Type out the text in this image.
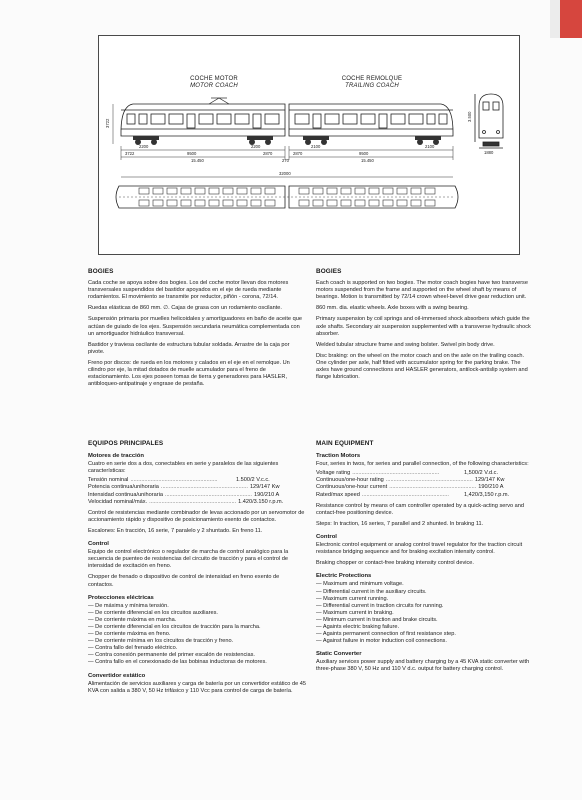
COCHE MOTOR
MOTOR COACH
COCHE REMOLQUE
TRAILING COACH
3722
2200
3722	9500
2200
2870	2870
2100
9500
2100
15.450	270	15.450
32000
3.500
1880
BOGIES

Cada coche se apoya sobre dos bogies. Los del coche motor llevan dos motores transversales suspendidos del bastidor apoyados en el eje de rueda mediante rodamientos. El movimiento se transmite por reductor, piñón - corona, 72/14.

Ruedas elásticas de 860 mm. ∅. Cajas de grasa con un rodamiento oscilante.

Suspensión primaria por muelles helicoidales y amortiguadores en baño de aceite que actúan de guiado de los ejes. Suspensión secundaria neumática complementada con un amortiguador hidráulico transversal.

Bastidor y traviesa oscilante de estructura tubular soldada. Arrastre de la caja por pivote.

Freno por discos: de rueda en los motores y calados en el eje en el remolque. Un cilindro por eje, la mitad dotados de muelle acumulador para el freno de estacionamiento. Los ejes poseen tomas de tierra y generadores para HASLER, antibloqueo-antipatinaje y engrase de pestaña.

EQUIPOS PRINCIPALES
Motores de tracción

Cuatro en serie dos a dos, conectables en serie y paralelos de las siguientes características:

Tensión nominal ........................................................	1.500/2 V.c.c.
Potencia continua/unihoraria ........................................................ 129/147 Kw
Intensidad continua/unihoraria ........................................................ 190/210 A
Velocidad nominal/máx. ........................................................ 1.420/3.150 r.p.m.

Control de resistencias mediante combinador de levas accionado por un servomotor de accionamiento rápido y dispositivo de posicionamiento exento de contactos.

Escalones: En tracción, 16 serie, 7 paralelo y 2 shuntado. En freno 11.

Control

Equipo de control electrónico o regulador de marcha de control analógico para la secuencia de puenteo de resistencias del circuito de tracción y para el control de intensidad de excitación en freno.

Chopper de frenado o dispositivo de control de intensidad en freno exento de contactos.

Protecciones eléctricas
— De máxima y mínima tensión.
— De corriente diferencial en los circuitos auxiliares.
— De corriente máxima en marcha.
— De corriente diferencial en los circuitos de tracción para la marcha.
— De corriente máxima en freno.
— De corriente mínima en los circuitos de tracción y freno.
— Contra fallo del frenado eléctrico.
— Contra conexión permanente del primer escalón de resistencias.
— Contra fallo en el conexionado de las bobinas inductoras de motores.
Convertidor estático

Alimentación de servicios auxiliares y carga de batería por un convertidor estático de 45 KVA con salida a 380 V, 50 Hz trifásico y 110 Vcc para control de carga de batería.

BOGIES

Each coach is supported on two bogies. The motor coach bogies have two transverse motors suspended from the frame and supported on the wheel shaft by means of bearings. Motion is transmitted by 72/14 crown wheel-bevel drive gear reduction unit.

860 mm. dia. elastic wheels. Axle boxes with a swing bearing.

Primary suspension by coil springs and oil-immersed shock absorbers which guide the axle shafts. Secondary air suspension supplemented with a transverse hydraulic shock absorber.

Welded tubular structure frame and swing bolster. Swivel pin body drive.

Disc braking: on the wheel on the motor coach and on the axle on the trailing coach. One cylinder per axle, half fitted with accumulator spring for the parking brake. The axles have ground connections and HASLER generators, antilock-antislip system and flange lubrication.

MAIN EQUIPMENT
Traction Motors

Four, series in twos, for series and parallel connection, of the following characteristics:

Voltage rating ........................................................	1,500/2 V.d.c.
Continuous/one-hour rating ........................................................ 129/147 Kw
Continuous/one-hour current ........................................................ 190/210 A
Rated/max speed ........................................................	1,420/3,150 r.p.m.

Resistance control by means of cam controller operated by a quick-acting servo and contact-free positioning device.

Steps: In traction, 16 series, 7 parallel and 2 shunted. In braking 11.

Control

Electronic control equipment or analog control travel regulator for the traction circuit resistance bridging sequence and for braking excitation intensity control.

Braking chopper or contact-free braking intensity control device.

Electric Protections
— Maximum and minimum voltage.
— Differential current in the auxiliary circuits.
— Maximum current running.
— Differential current in traction circuits for running.
— Maximum current in braking.
— Minimum current in traction and brake circuits.
— Againts electric braking failure.
— Againts permanent connection of first resistance step.
— Against failure in motor induction coil connections.
Static Converter

Auxiliary services power supply and battery charging by a 45 KVA static converter with three-phase 380 V, 50 Hz and 110 V d.c. output for battery charging control.
